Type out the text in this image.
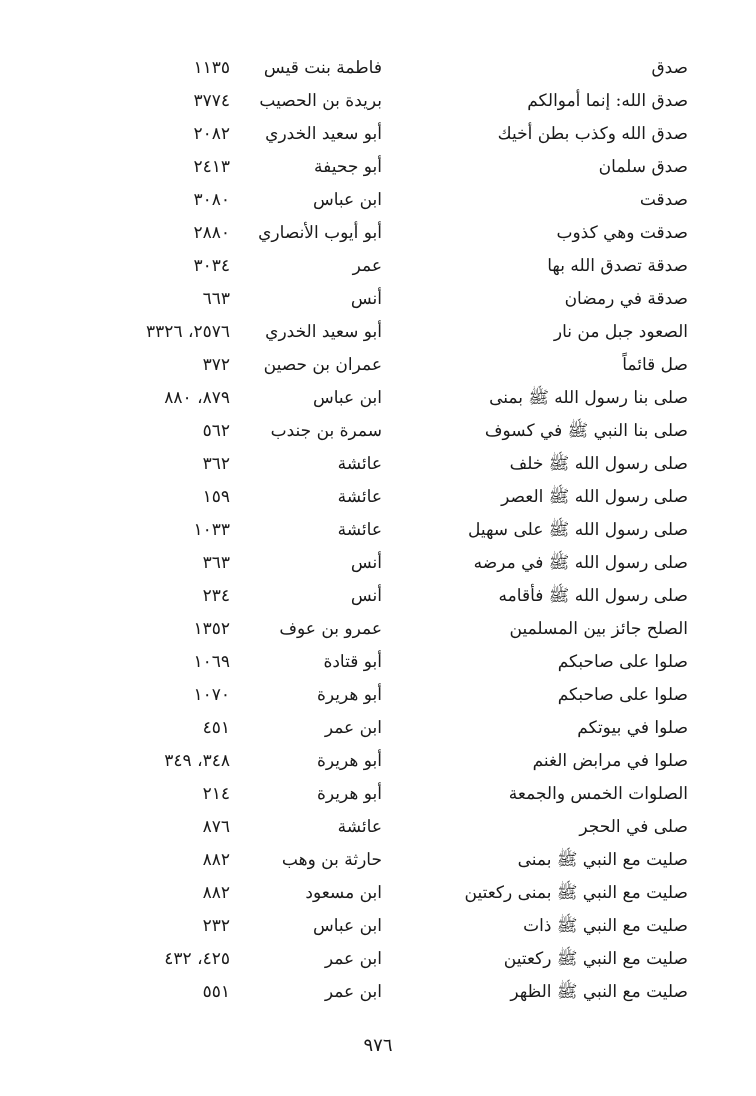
صدق
فاطمة بنت قيس
١١٣٥
صدق الله: إنما أموالكم
بريدة بن الحصيب
٣٧٧٤
صدق الله وكذب بطن أخيك
أبو سعيد الخدري
٢٠٨٢
صدق سلمان
أبو جحيفة
٢٤١٣
صدقت
ابن عباس
٣٠٨٠
صدقت وهي كذوب
أبو أيوب الأنصاري
٢٨٨٠
صدقة تصدق الله بها
عمر
٣٠٣٤
صدقة في رمضان
أنس
٦٦٣
الصعود جبل من نار
أبو سعيد الخدري
٢٥٧٦، ٣٣٢٦
صل قائماً
عمران بن حصين
٣٧٢
صلى بنا رسول الله ﷺ بمنى
ابن عباس
٨٧٩، ٨٨٠
صلى بنا النبي ﷺ في كسوف
سمرة بن جندب
٥٦٢
صلى رسول الله ﷺ خلف
عائشة
٣٦٢
صلى رسول الله ﷺ العصر
عائشة
١٥٩
صلى رسول الله ﷺ على سهيل
عائشة
١٠٣٣
صلى رسول الله ﷺ في مرضه
أنس
٣٦٣
صلى رسول الله ﷺ فأقامه
أنس
٢٣٤
الصلح جائز بين المسلمين
عمرو بن عوف
١٣٥٢
صلوا على صاحبكم
أبو قتادة
١٠٦٩
صلوا على صاحبكم
أبو هريرة
١٠٧٠
صلوا في بيوتكم
ابن عمر
٤٥١
صلوا في مرابض الغنم
أبو هريرة
٣٤٨، ٣٤٩
الصلوات الخمس والجمعة
أبو هريرة
٢١٤
صلى في الحجر
عائشة
٨٧٦
صليت مع النبي ﷺ بمنى
حارثة بن وهب
٨٨٢
صليت مع النبي ﷺ بمنى ركعتين
ابن مسعود
٨٨٢
صليت مع النبي ﷺ ذات
ابن عباس
٢٣٢
صليت مع النبي ﷺ ركعتين
ابن عمر
٤٢٥، ٤٣٢
صليت مع النبي ﷺ الظهر
ابن عمر
٥٥١
٩٧٦
